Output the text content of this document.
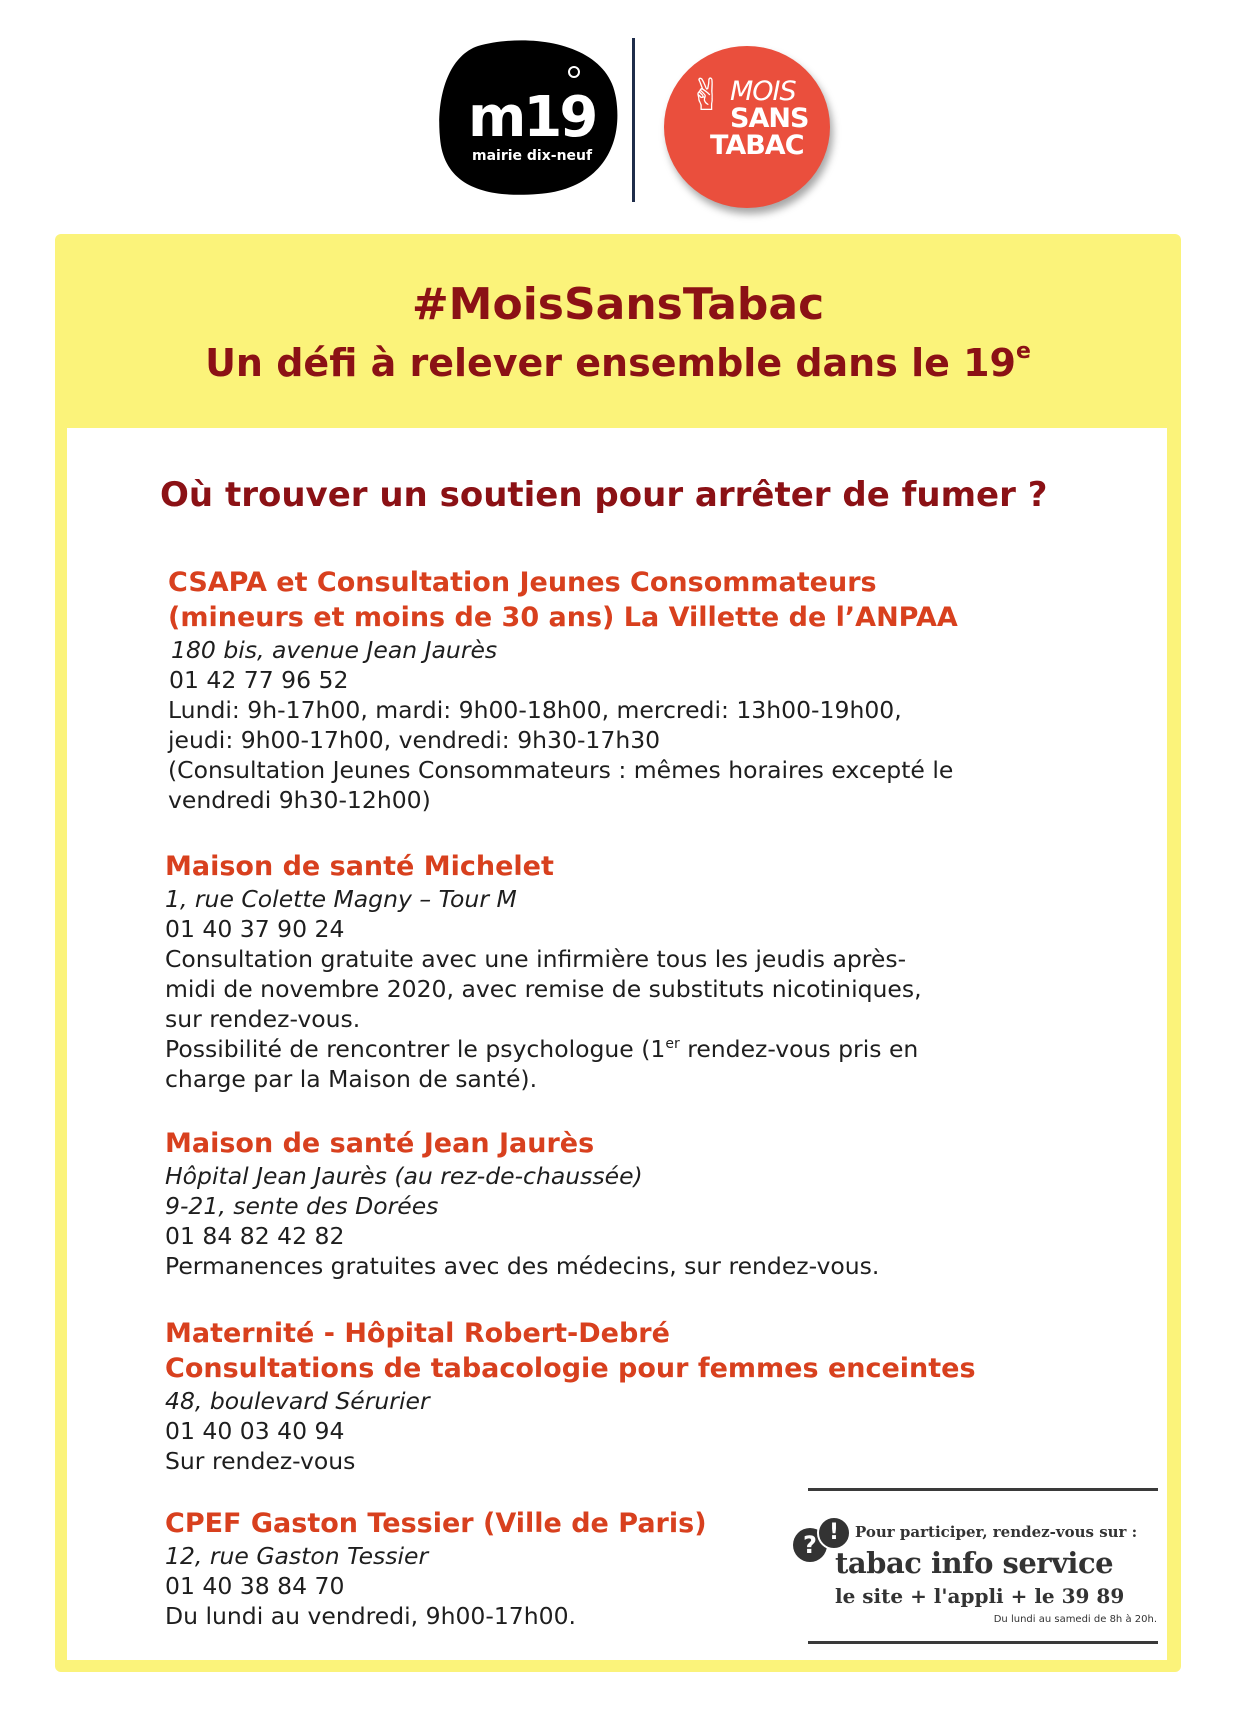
m19
mairie dix-neuf
✌ MOIS
SANS
TABAC
#MoisSansTabac
Un défi à relever ensemble dans le 19e
Où trouver un soutien pour arrêter de fumer ?
CSAPA et Consultation Jeunes Consommateurs
(mineurs et moins de 30 ans) La Villette de l’ANPAA
180 bis, avenue Jean Jaurès
01 42 77 96 52
Lundi: 9h-17h00, mardi: 9h00-18h00, mercredi: 13h00-19h00,
jeudi: 9h00-17h00, vendredi: 9h30-17h30
(Consultation Jeunes Consommateurs : mêmes horaires excepté le
vendredi 9h30-12h00)
Maison de santé Michelet
1, rue Colette Magny – Tour M
01 40 37 90 24
Consultation gratuite avec une infirmière tous les jeudis après-
midi de novembre 2020, avec remise de substituts nicotiniques,
sur rendez-vous.
Possibilité de rencontrer le psychologue (1er rendez-vous pris en
charge par la Maison de santé).
Maison de santé Jean Jaurès
Hôpital Jean Jaurès (au rez-de-chaussée)
9-21, sente des Dorées
01 84 82 42 82
Permanences gratuites avec des médecins, sur rendez-vous.
Maternité - Hôpital Robert-Debré
Consultations de tabacologie pour femmes enceintes
48, boulevard Sérurier
01 40 03 40 94
Sur rendez-vous
CPEF Gaston Tessier (Ville de Paris)
12, rue Gaston Tessier
01 40 38 84 70
Du lundi au vendredi, 9h00-17h00.
? !	Pour participer, rendez-vous sur :
tabac info service
le site + l'appli + le 39 89
Du lundi au samedi de 8h à 20h.
